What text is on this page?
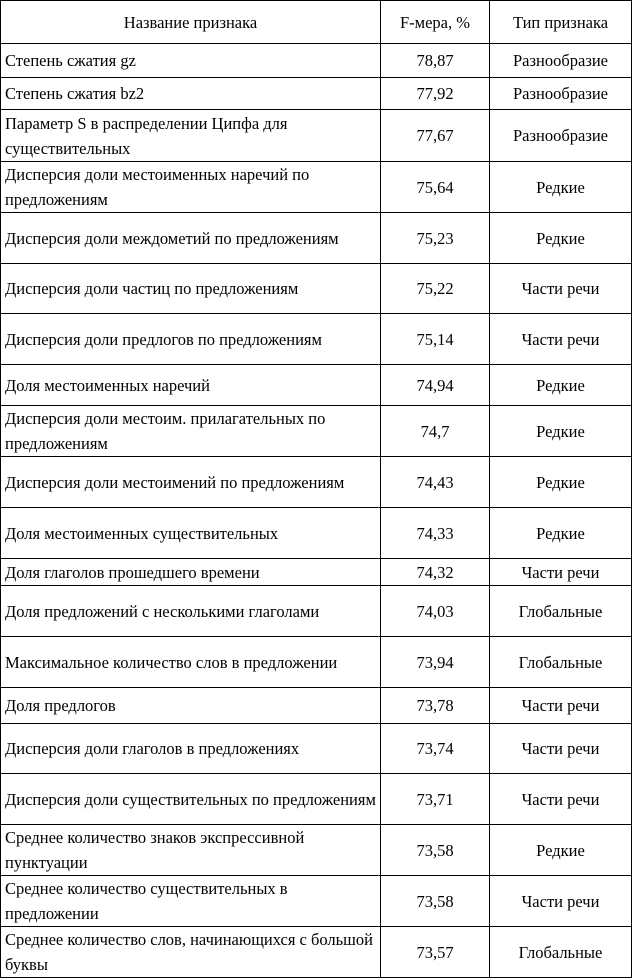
Название признака	F-мера, %	Тип признака
Степень сжатия gz	78,87	Разнообразие
Степень сжатия bz2	77,92	Разнообразие
Параметр S в распределении Ципфа для существительных	77,67	Разнообразие
Дисперсия доли местоименных наречий по предложениям	75,64	Редкие
Дисперсия доли междометий по предложениям	75,23	Редкие
Дисперсия доли частиц по предложениям	75,22	Части речи
Дисперсия доли предлогов по предложениям	75,14	Части речи
Доля местоименных наречий	74,94	Редкие
Дисперсия доли местоим. прилагательных по предложениям	74,7	Редкие
Дисперсия доли местоимений по предложениям	74,43	Редкие
Доля местоименных существительных	74,33	Редкие
Доля глаголов прошедшего времени	74,32	Части речи
Доля предложений с несколькими глаголами	74,03	Глобальные
Максимальное количество слов в предложении	73,94	Глобальные
Доля предлогов	73,78	Части речи
Дисперсия доли глаголов в предложениях	73,74	Части речи
Дисперсия доли существительных по предложениям	73,71	Части речи
Среднее количество знаков экспрессивной пунктуации	73,58	Редкие
Среднее количество существительных в предложении	73,58	Части речи
Среднее количество слов, начинающихся с большой буквы	73,57	Глобальные
